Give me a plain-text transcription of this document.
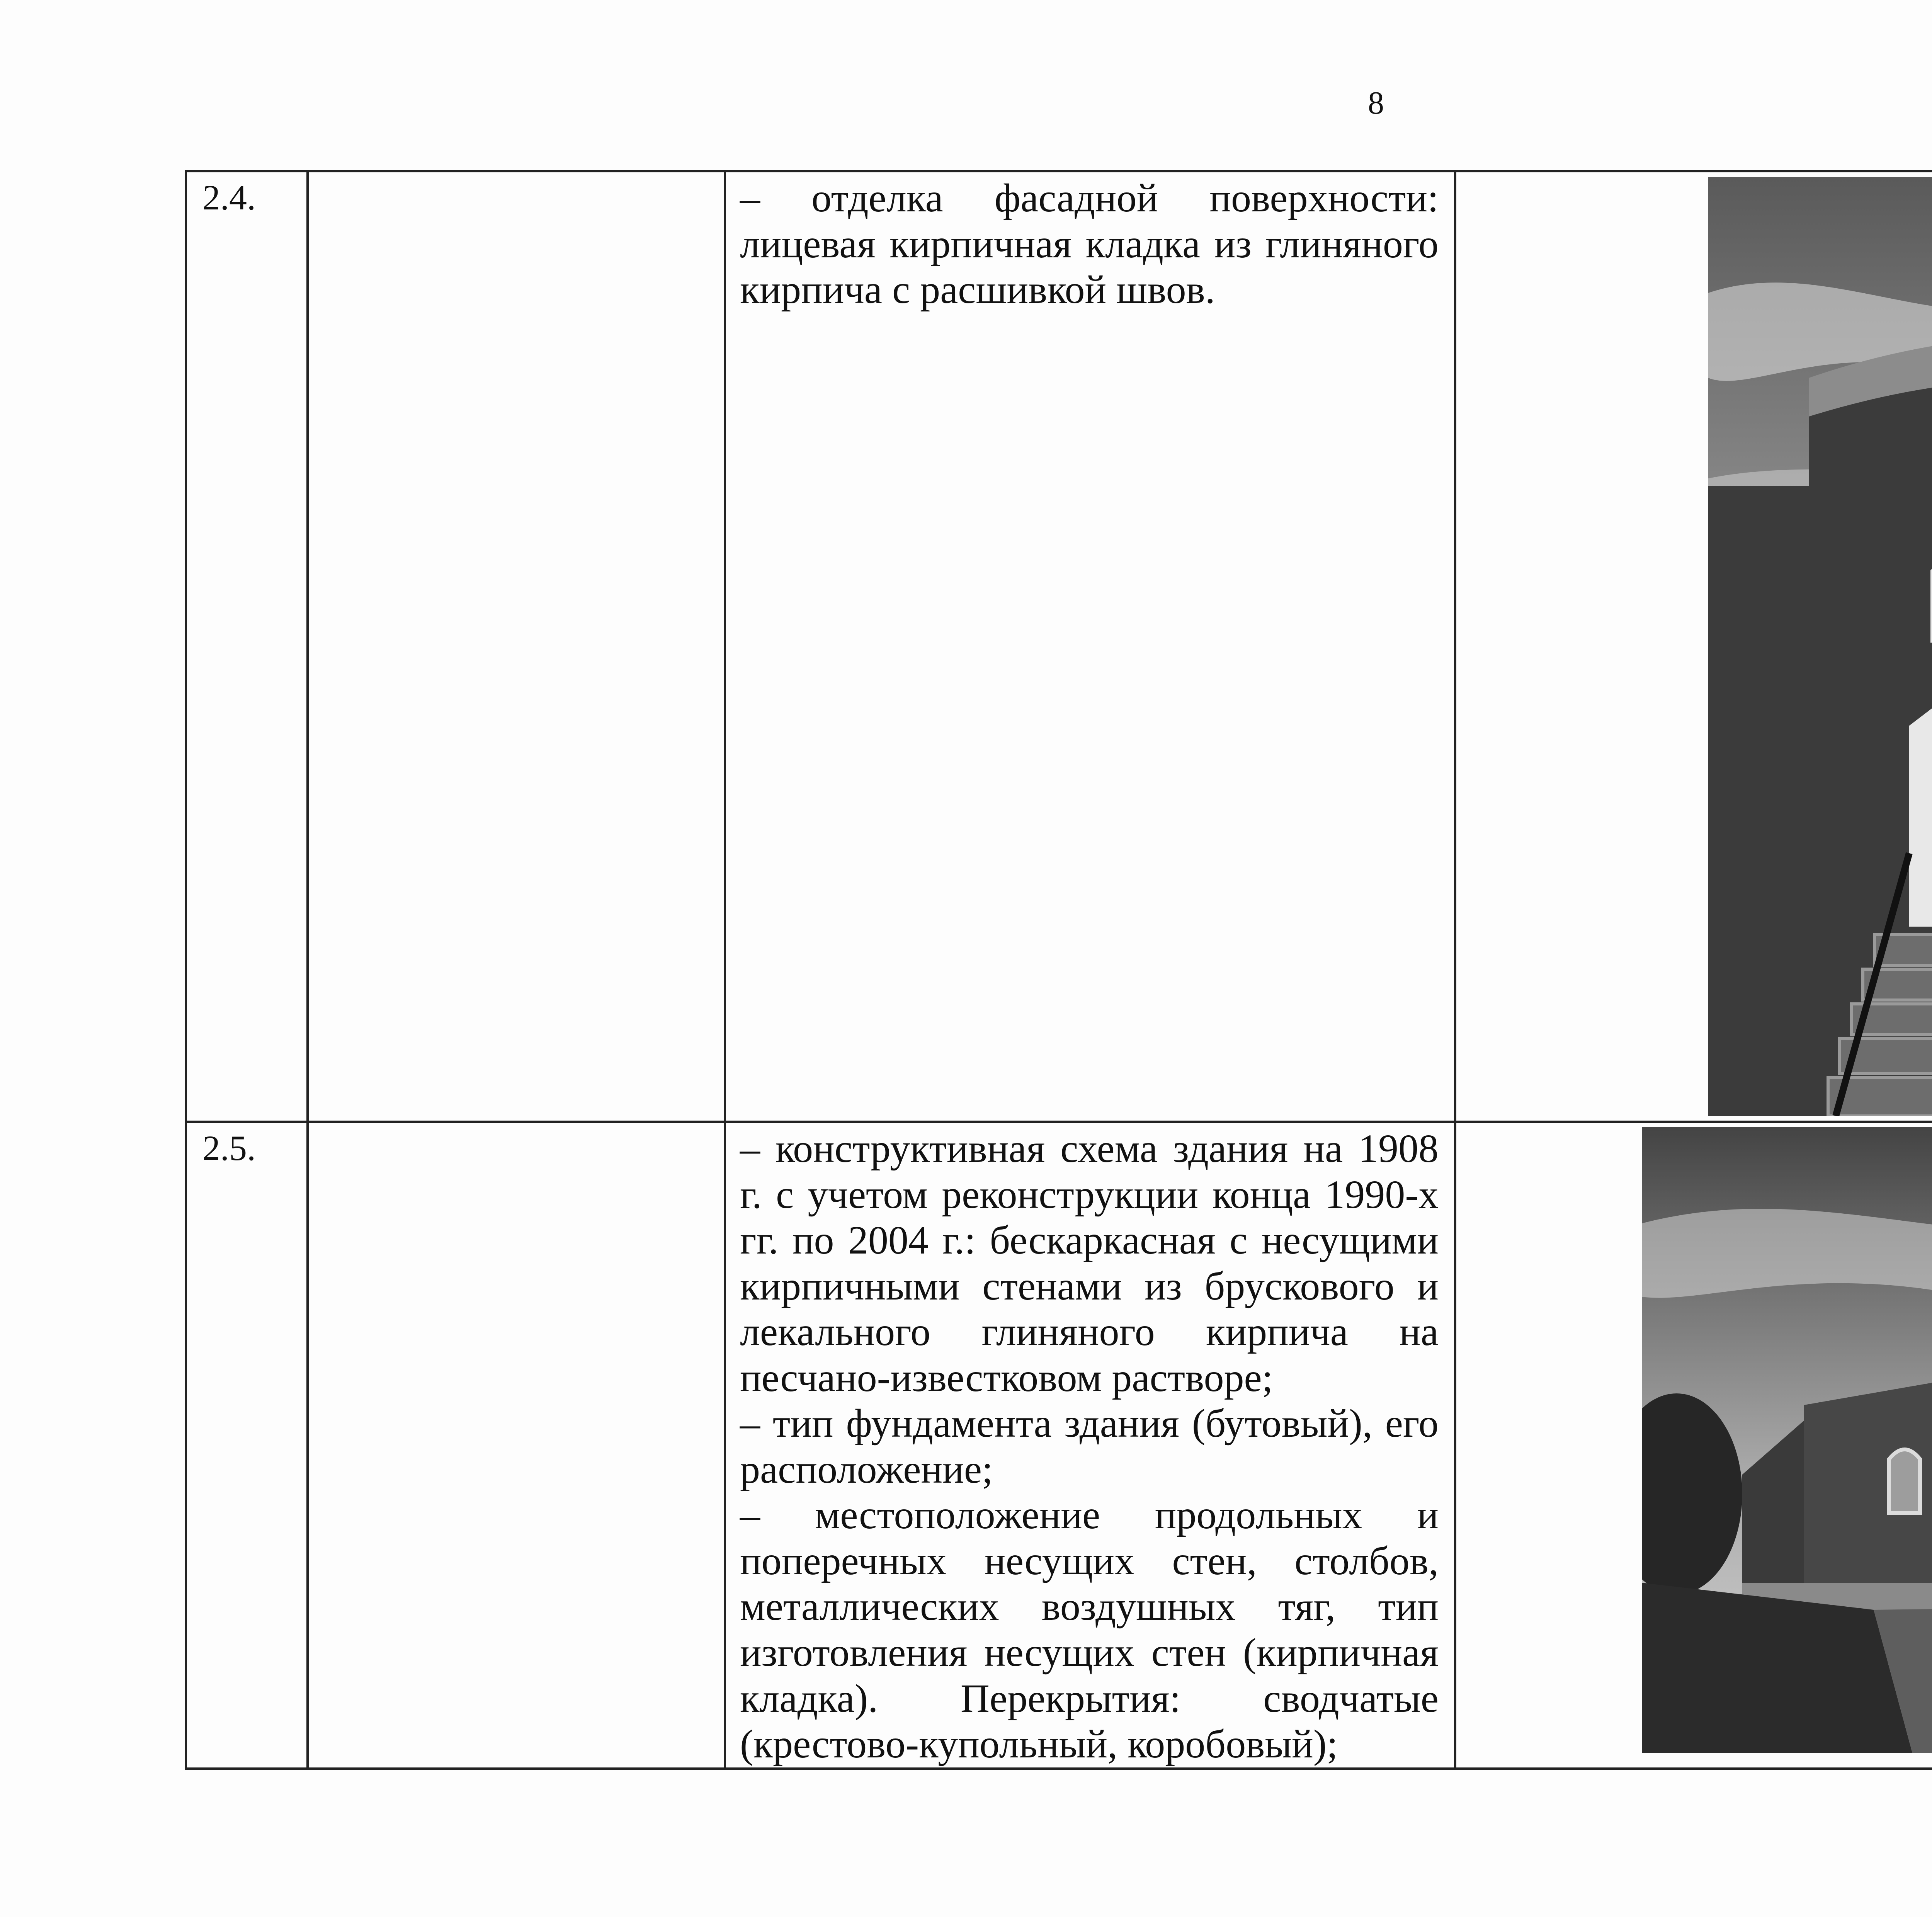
8
2.4.		– отделка фасадной поверхности: лицевая кирпичная кладка из глиняного кирпича с расшивкой швов.

2.5.		– конструктивная схема здания на 1908 г. с учетом реконструкции конца 1990-х гг. по 2004 г.: бескаркасная с несущими кирпичными стенами из брускового и лекального глиняного кирпича на песчано-известковом растворе;

– тип фундамента здания (бутовый), его расположение;

– местоположение продольных и поперечных несущих стен, столбов, металлических воздушных тяг, тип изготовления несущих стен (кирпичная кладка). Перекрытия: сводчатые (крестово-купольный, коробовый);
